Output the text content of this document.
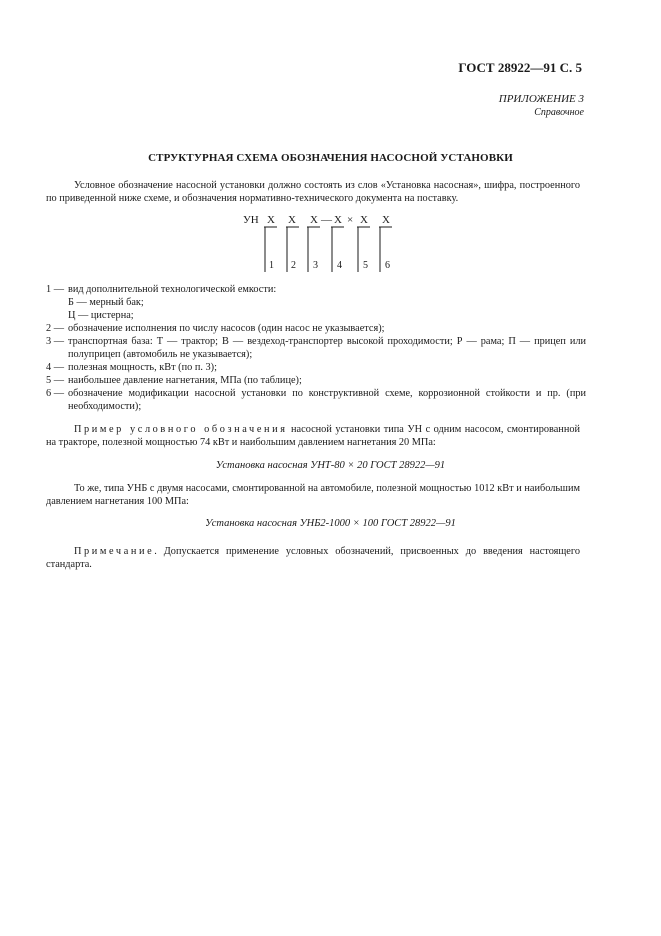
ГОСТ 28922—91 С. 5
ПРИЛОЖЕНИЕ 3
Справочное
СТРУКТУРНАЯ СХЕМА ОБОЗНАЧЕНИЯ НАСОСНОЙ УСТАНОВКИ
Условное обозначение насосной установки должно состоять из слов «Установка насосная», шифра, построенного по приведенной ниже схеме, и обозначения нормативно-технического документа на поставку.
УН X X X — X × X X
1 2 3 4 5 6
1 — вид дополнительной технологической емкости:
Б — мерный бак;
Ц — цистерна;
2 — обозначение исполнения по числу насосов (один насос не указывается);
3 — транспортная база: Т — трактор; В — вездеход-транспортер высокой проходимости; Р — рама; П — прицеп или полуприцеп (автомобиль не указывается);
4 — полезная мощность, кВт (по п. 3);
5 — наибольшее давление нагнетания, МПа (по таблице);
6 — обозначение модификации насосной установки по конструктивной схеме, коррозионной стойкости и пр. (при необходимости);
Пример условного обозначения насосной установки типа УН с одним насосом, смонтированной на тракторе, полезной мощностью 74 кВт и наибольшим давлением нагнетания 20 МПа:
Установка насосная УНТ-80 × 20 ГОСТ 28922—91
То же, типа УНБ с двумя насосами, смонтированной на автомобиле, полезной мощностью 1012 кВт и наибольшим давлением нагнетания 100 МПа:
Установка насосная УНБ2-1000 × 100 ГОСТ 28922—91
Примечание. Допускается применение условных обозначений, присвоенных до введения настоящего стандарта.
